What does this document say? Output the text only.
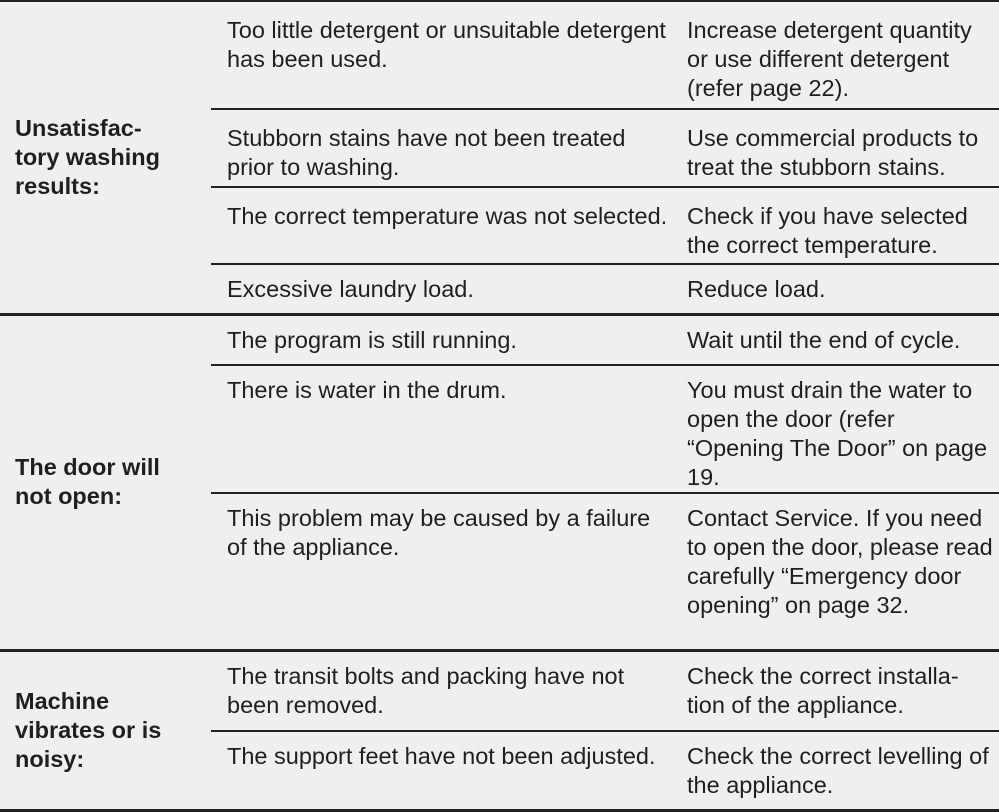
Unsatisfac-tory washing results:	Too little detergent or unsuitable detergent has been used.	Increase detergent quantity or use different detergent (refer page 22).
	Stubborn stains have not been treated prior to washing.	Use commercial products to treat the stubborn stains.
	The correct temperature was not selected.	Check if you have selected the correct temperature.
	Excessive laundry load.	Reduce load.

The door will not open:	The program is still running.	Wait until the end of cycle.
	There is water in the drum.	You must drain the water to open the door (refer “Opening The Door” on page 19.
	This problem may be caused by a failure of the appliance.	Contact Service. If you need to open the door, please read carefully “Emergency door opening” on page 32.

Machine vibrates or is noisy:	The transit bolts and packing have not been removed.	Check the correct installa-tion of the appliance.
	The support feet have not been adjusted.	Check the correct levelling of the appliance.
